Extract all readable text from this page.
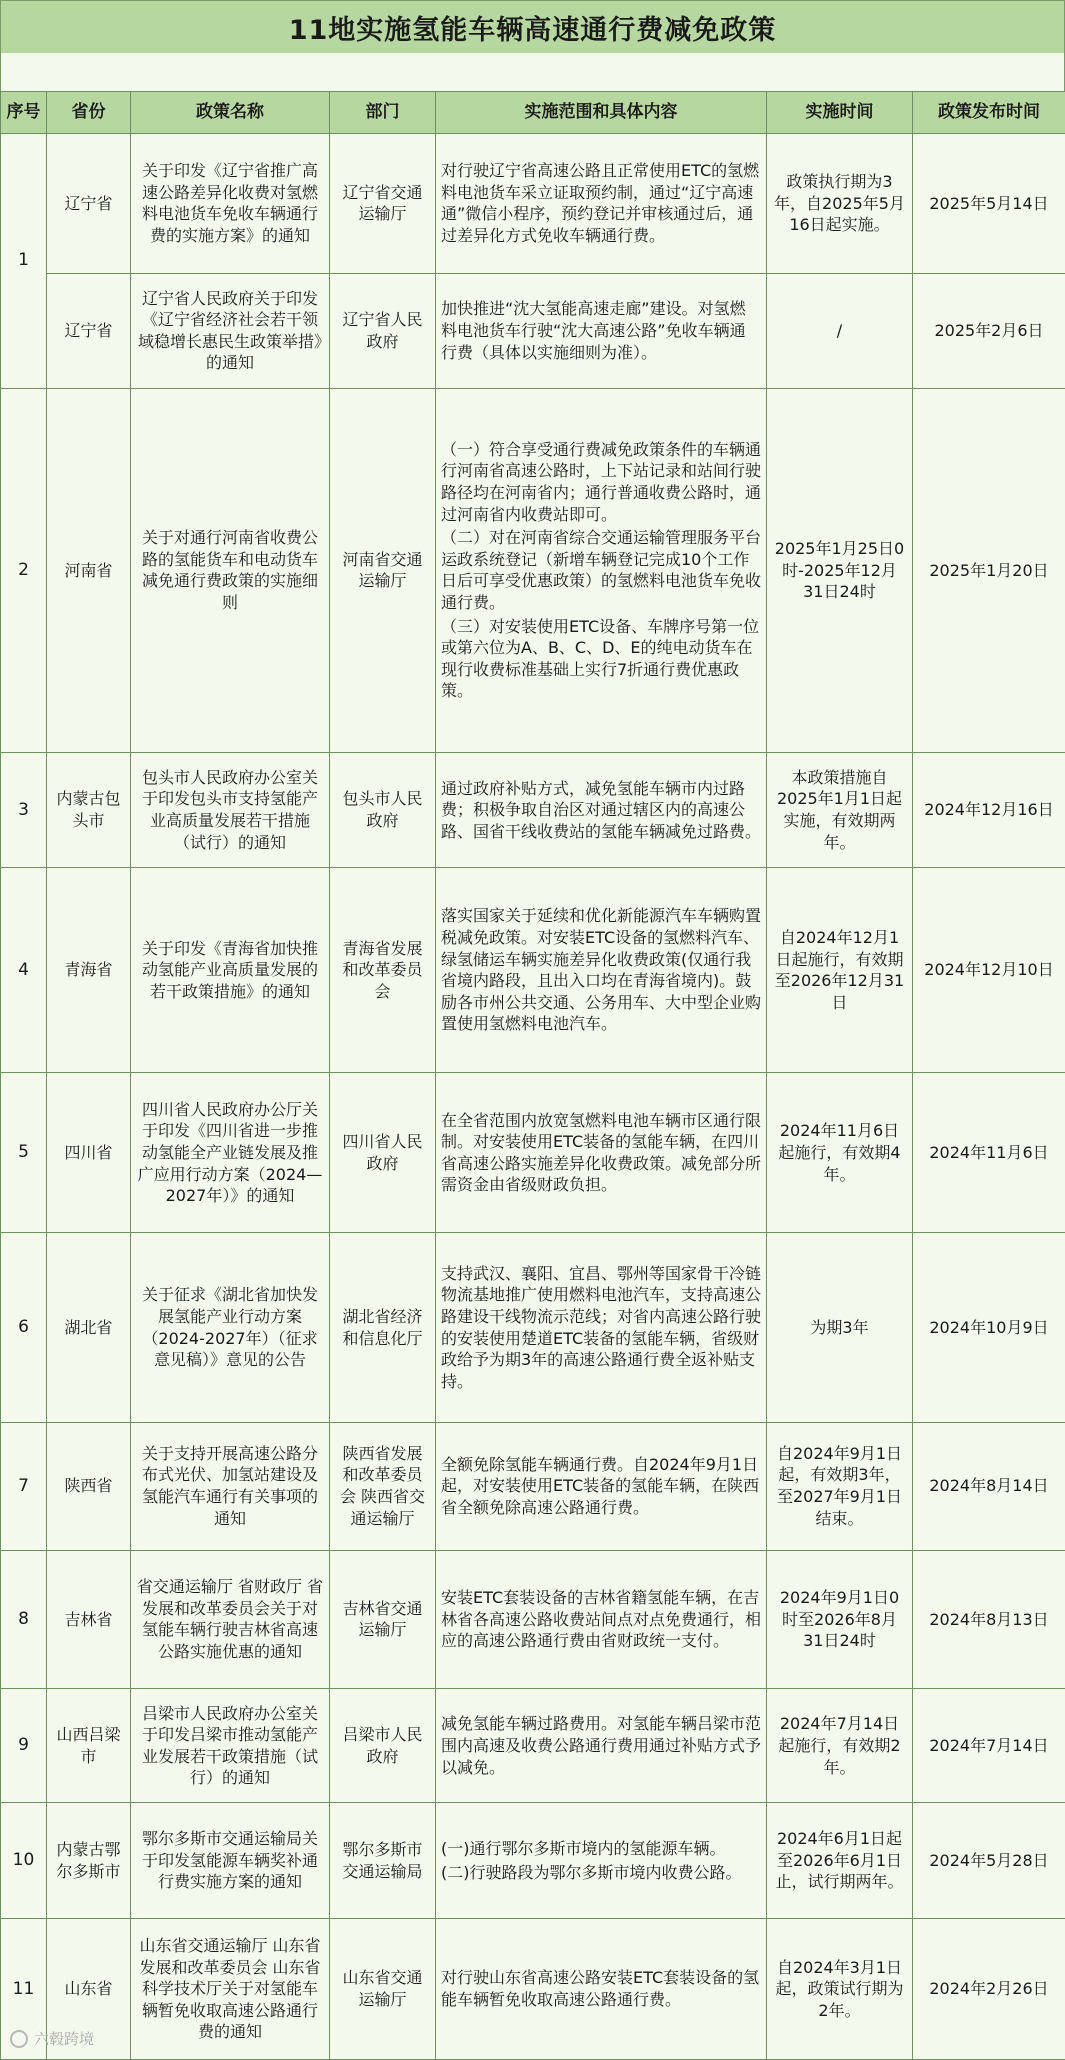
11地实施氢能车辆高速通行费减免政策
序号	省份	政策名称	部门	实施范围和具体内容	实施时间	政策发布时间
1	辽宁省	关于印发《辽宁省推广高速公路差异化收费对氢燃料电池货车免收车辆通行费的实施方案》的通知	辽宁省交通运输厅	对行驶辽宁省高速公路且正常使用ETC的氢燃料电池货车采立证取预约制，通过“辽宁高速通”微信小程序，预约登记并审核通过后，通过差异化方式免收车辆通行费。	政策执行期为3年，自2025年5月16日起实施。	2025年5月14日
	辽宁省	辽宁省人民政府关于印发《辽宁省经济社会若干领域稳增长惠民生政策举措》的通知	辽宁省人民政府	加快推进“沈大氢能高速走廊”建设。对氢燃料电池货车行驶“沈大高速公路”免收车辆通行费（具体以实施细则为准）。	/	2025年2月6日
2	河南省	关于对通行河南省收费公路的氢能货车和电动货车减免通行费政策的实施细则	河南省交通运输厅	（一）符合享受通行费减免政策条件的车辆通行河南省高速公路时，上下站记录和站间行驶路径均在河南省内；通行普通收费公路时，通过河南省内收费站即可。
（二）对在河南省综合交通运输管理服务平台运政系统登记（新增车辆登记完成10个工作日后可享受优惠政策）的氢燃料电池货车免收通行费。
（三）对安装使用ETC设备、车牌序号第一位或第六位为A、B、C、D、E的纯电动货车在现行收费标准基础上实行7折通行费优惠政策。	2025年1月25日0时-2025年12月31日24时	2025年1月20日
3	内蒙古包头市	包头市人民政府办公室关于印发包头市支持氢能产业高质量发展若干措施（试行）的通知	包头市人民政府	通过政府补贴方式，减免氢能车辆市内过路费；积极争取自治区对通过辖区内的高速公路、国省干线收费站的氢能车辆减免过路费。	本政策措施自2025年1月1日起实施，有效期两年。	2024年12月16日
4	青海省	关于印发《青海省加快推动氢能产业高质量发展的若干政策措施》的通知	青海省发展和改革委员会	落实国家关于延续和优化新能源汽车车辆购置税减免政策。对安装ETC设备的氢燃料汽车、绿氢储运车辆实施差异化收费政策(仅通行我省境内路段，且出入口均在青海省境内)。鼓励各市州公共交通、公务用车、大中型企业购置使用氢燃料电池汽车。	自2024年12月1日起施行，有效期至2026年12月31日	2024年12月10日
5	四川省	四川省人民政府办公厅关于印发《四川省进一步推动氢能全产业链发展及推广应用行动方案（2024—2027年）》的通知	四川省人民政府	在全省范围内放宽氢燃料电池车辆市区通行限制。对安装使用ETC装备的氢能车辆，在四川省高速公路实施差异化收费政策。减免部分所需资金由省级财政负担。	2024年11月6日起施行，有效期4年。	2024年11月6日
6	湖北省	关于征求《湖北省加快发展氢能产业行动方案（2024-2027年）（征求意见稿）》意见的公告	湖北省经济和信息化厅	支持武汉、襄阳、宜昌、鄂州等国家骨干冷链物流基地推广使用燃料电池汽车，支持高速公路建设干线物流示范线；对省内高速公路行驶的安装使用楚道ETC装备的氢能车辆，省级财政给予为期3年的高速公路通行费全返补贴支持。	为期3年	2024年10月9日
7	陕西省	关于支持开展高速公路分布式光伏、加氢站建设及氢能汽车通行有关事项的通知	陕西省发展和改革委员会 陕西省交通运输厅	全额免除氢能车辆通行费。自2024年9月1日起，对安装使用ETC装备的氢能车辆，在陕西省全额免除高速公路通行费。	自2024年9月1日起，有效期3年，至2027年9月1日结束。	2024年8月14日
8	吉林省	省交通运输厅 省财政厅 省发展和改革委员会关于对氢能车辆行驶吉林省高速公路实施优惠的通知	吉林省交通运输厅	安装ETC套装设备的吉林省籍氢能车辆，在吉林省各高速公路收费站间点对点免费通行，相应的高速公路通行费由省财政统一支付。	2024年9月1日0时至2026年8月31日24时	2024年8月13日
9	山西吕梁市	吕梁市人民政府办公室关于印发吕梁市推动氢能产业发展若干政策措施（试行）的通知	吕梁市人民政府	减免氢能车辆过路费用。对氢能车辆吕梁市范围内高速及收费公路通行费用通过补贴方式予以减免。	2024年7月14日起施行，有效期2年。	2024年7月14日
10	内蒙古鄂尔多斯市	鄂尔多斯市交通运输局关于印发氢能源车辆奖补通行费实施方案的通知	鄂尔多斯市交通运输局	(一)通行鄂尔多斯市境内的氢能源车辆。
(二)行驶路段为鄂尔多斯市境内收费公路。	2024年6月1日起至2026年6月1日止，试行期两年。	2024年5月28日
11	山东省	山东省交通运输厅 山东省发展和改革委员会 山东省科学技术厅关于对氢能车辆暂免收取高速公路通行费的通知	山东省交通运输厅	对行驶山东省高速公路安装ETC套装设备的氢能车辆暂免收取高速公路通行费。	自2024年3月1日起，政策试行期为2年。	2024年2月26日
六毂跨境
